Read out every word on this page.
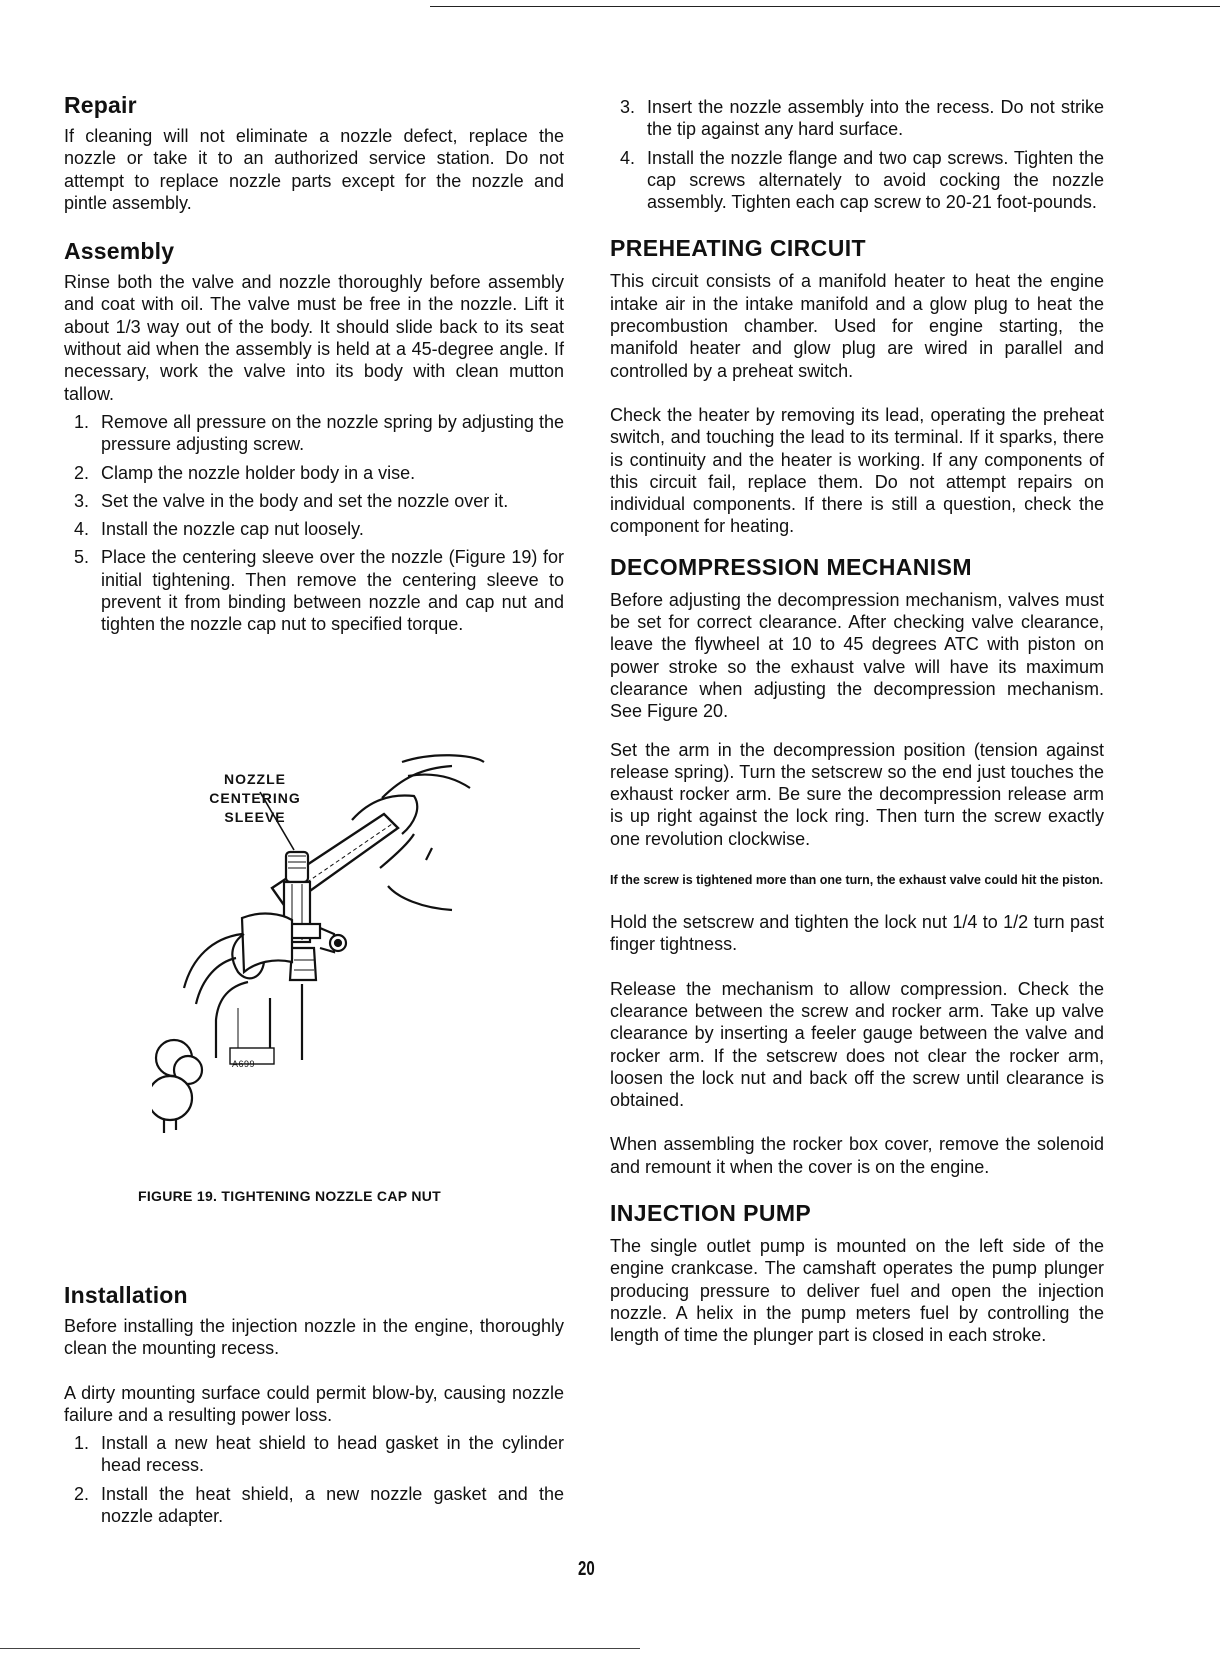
Repair

If cleaning will not eliminate a nozzle defect, replace the nozzle or take it to an authorized service station. Do not attempt to replace nozzle parts except for the nozzle and pintle assembly.

Assembly

Rinse both the valve and nozzle thoroughly before assembly and coat with oil. The valve must be free in the nozzle. Lift it about 1/3 way out of the body. It should slide back to its seat without aid when the assembly is held at a 45-degree angle. If necessary, work the valve into its body with clean mutton tallow.

1. Remove all pressure on the nozzle spring by adjusting the pressure adjusting screw.
2. Clamp the nozzle holder body in a vise.
3. Set the valve in the body and set the nozzle over it.
4. Install the nozzle cap nut loosely.
5. Place the centering sleeve over the nozzle (Figure 19) for initial tightening. Then remove the centering sleeve to prevent it from binding between nozzle and cap nut and tighten the nozzle cap nut to specified torque.
NOZZLE
CENTERING
SLEEVE
A699
FIGURE 19. TIGHTENING NOZZLE CAP NUT
Installation

Before installing the injection nozzle in the engine, thoroughly clean the mounting recess.

A dirty mounting surface could permit blow-by, causing nozzle failure and a resulting power loss.

1. Install a new heat shield to head gasket in the cylinder head recess.
2. Install the heat shield, a new nozzle gasket and the nozzle adapter.
3. Insert the nozzle assembly into the recess. Do not strike the tip against any hard surface.
4. Install the nozzle flange and two cap screws. Tighten the cap screws alternately to avoid cocking the nozzle assembly. Tighten each cap screw to 20-21 foot-pounds.
PREHEATING CIRCUIT

This circuit consists of a manifold heater to heat the engine intake air in the intake manifold and a glow plug to heat the precombustion chamber. Used for engine starting, the manifold heater and glow plug are wired in parallel and controlled by a preheat switch.

Check the heater by removing its lead, operating the preheat switch, and touching the lead to its terminal. If it sparks, there is continuity and the heater is working. If any components of this circuit fail, replace them. Do not attempt repairs on individual components. If there is still a question, check the component for heating.

DECOMPRESSION MECHANISM

Before adjusting the decompression mechanism, valves must be set for correct clearance. After checking valve clearance, leave the flywheel at 10 to 45 degrees ATC with piston on power stroke so the exhaust valve will have its maximum clearance when adjusting the decompression mechanism. See Figure 20.

Set the arm in the decompression position (tension against release spring). Turn the setscrew so the end just touches the exhaust rocker arm. Be sure the decompression release arm is up right against the lock ring. Then turn the screw exactly one revolution clockwise.

If the screw is tightened more than one turn, the exhaust valve could hit the piston.

Hold the setscrew and tighten the lock nut 1/4 to 1/2 turn past finger tightness.

Release the mechanism to allow compression. Check the clearance between the screw and rocker arm. Take up valve clearance by inserting a feeler gauge between the valve and rocker arm. If the setscrew does not clear the rocker arm, loosen the lock nut and back off the screw until clearance is obtained.

When assembling the rocker box cover, remove the solenoid and remount it when the cover is on the engine.

INJECTION PUMP

The single outlet pump is mounted on the left side of the engine crankcase. The camshaft operates the pump plunger producing pressure to deliver fuel and open the injection nozzle. A helix in the pump meters fuel by controlling the length of time the plunger part is closed in each stroke.

20
